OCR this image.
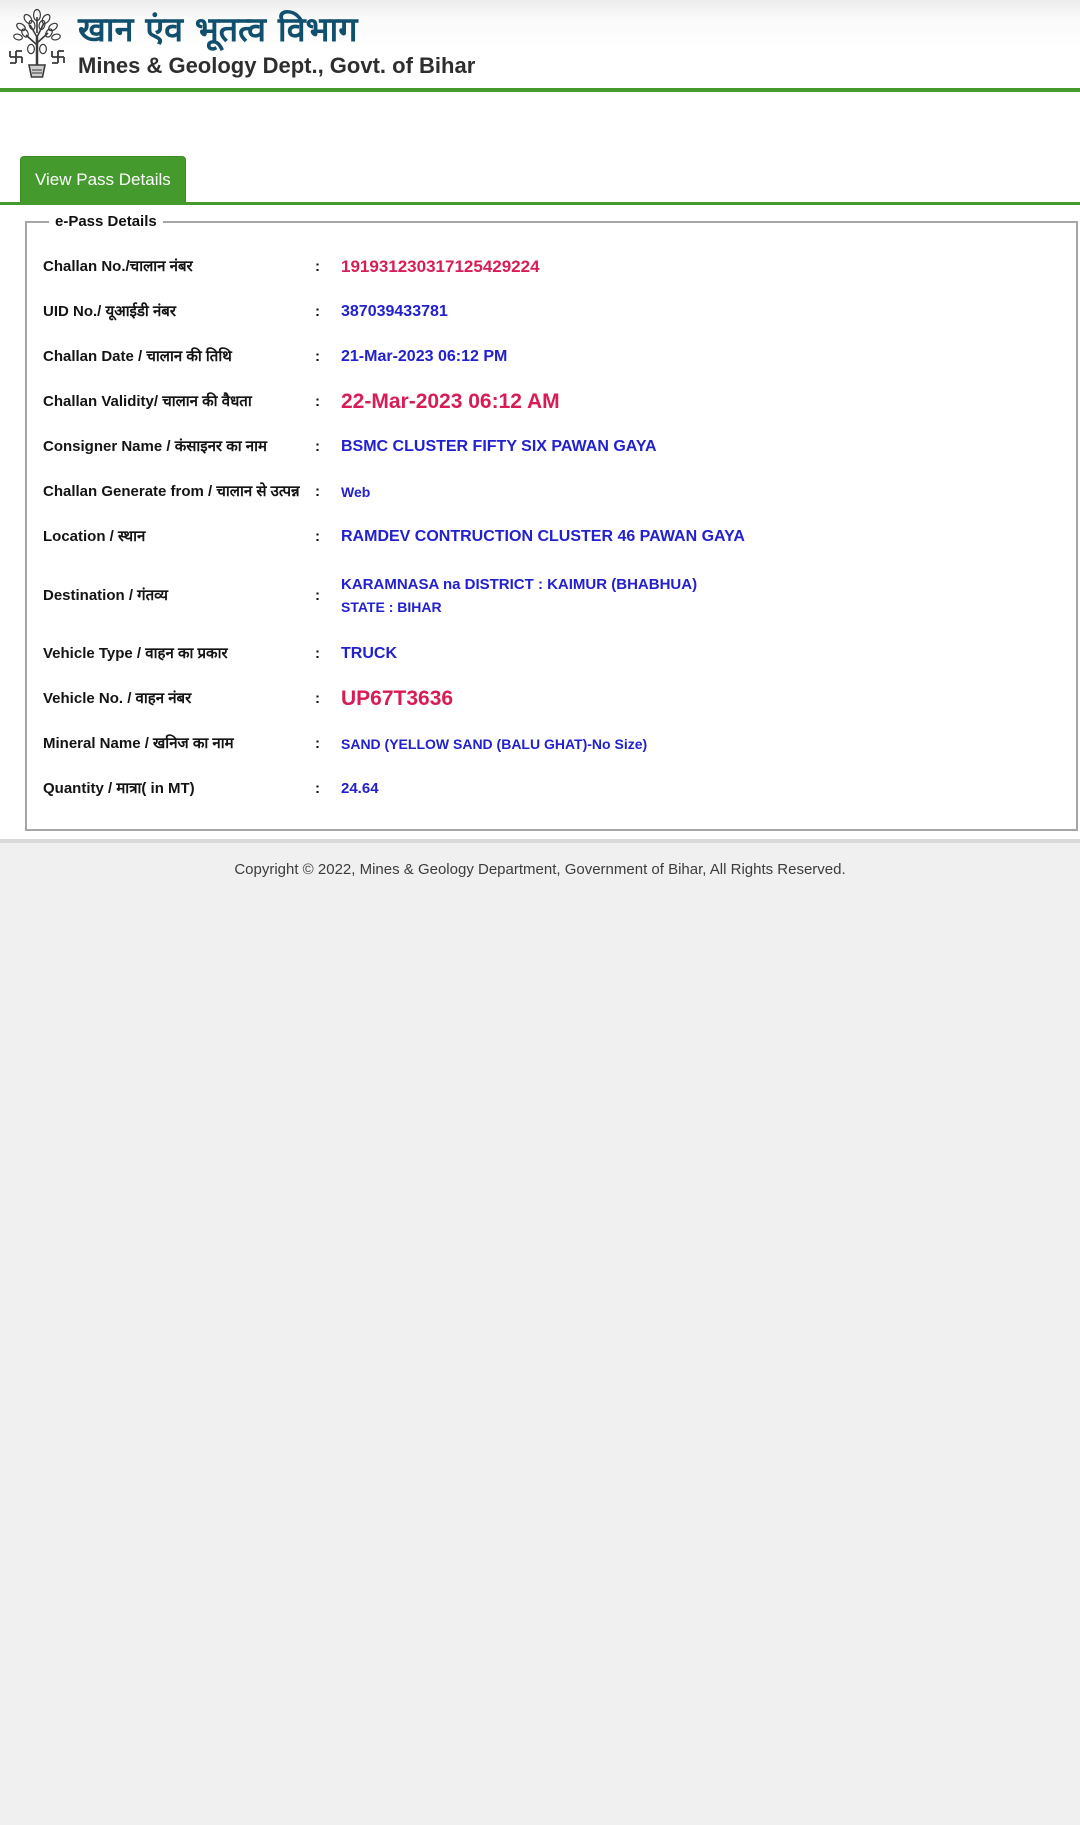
खान एंव भूतत्व विभाग
Mines & Geology Dept., Govt. of Bihar
View Pass Details
e-Pass Details
Challan No./चालान नंबर	:	191931230317125429224
UID No./ यूआईडी नंबर	:	387039433781
Challan Date / चालान की तिथि	:	21-Mar-2023 06:12 PM
Challan Validity/ चालान की वैधता	:	22-Mar-2023 06:12 AM
Consigner Name / कंसाइनर का नाम	:	BSMC CLUSTER FIFTY SIX PAWAN GAYA
Challan Generate from / चालान से उत्पन्न	:	Web
Location / स्थान	:	RAMDEV CONTRUCTION CLUSTER 46 PAWAN GAYA
Destination / गंतव्य	:
KARAMNASA na DISTRICT : KAIMUR (BHABHUA)
STATE : BIHAR
Vehicle Type / वाहन का प्रकार	:	TRUCK
Vehicle No. / वाहन नंबर	:	UP67T3636
Mineral Name / खनिज का नाम	:	SAND (YELLOW SAND (BALU GHAT)-No Size)
Quantity / मात्रा( in MT)	:	24.64
Copyright © 2022, Mines & Geology Department, Government of Bihar, All Rights Reserved.
